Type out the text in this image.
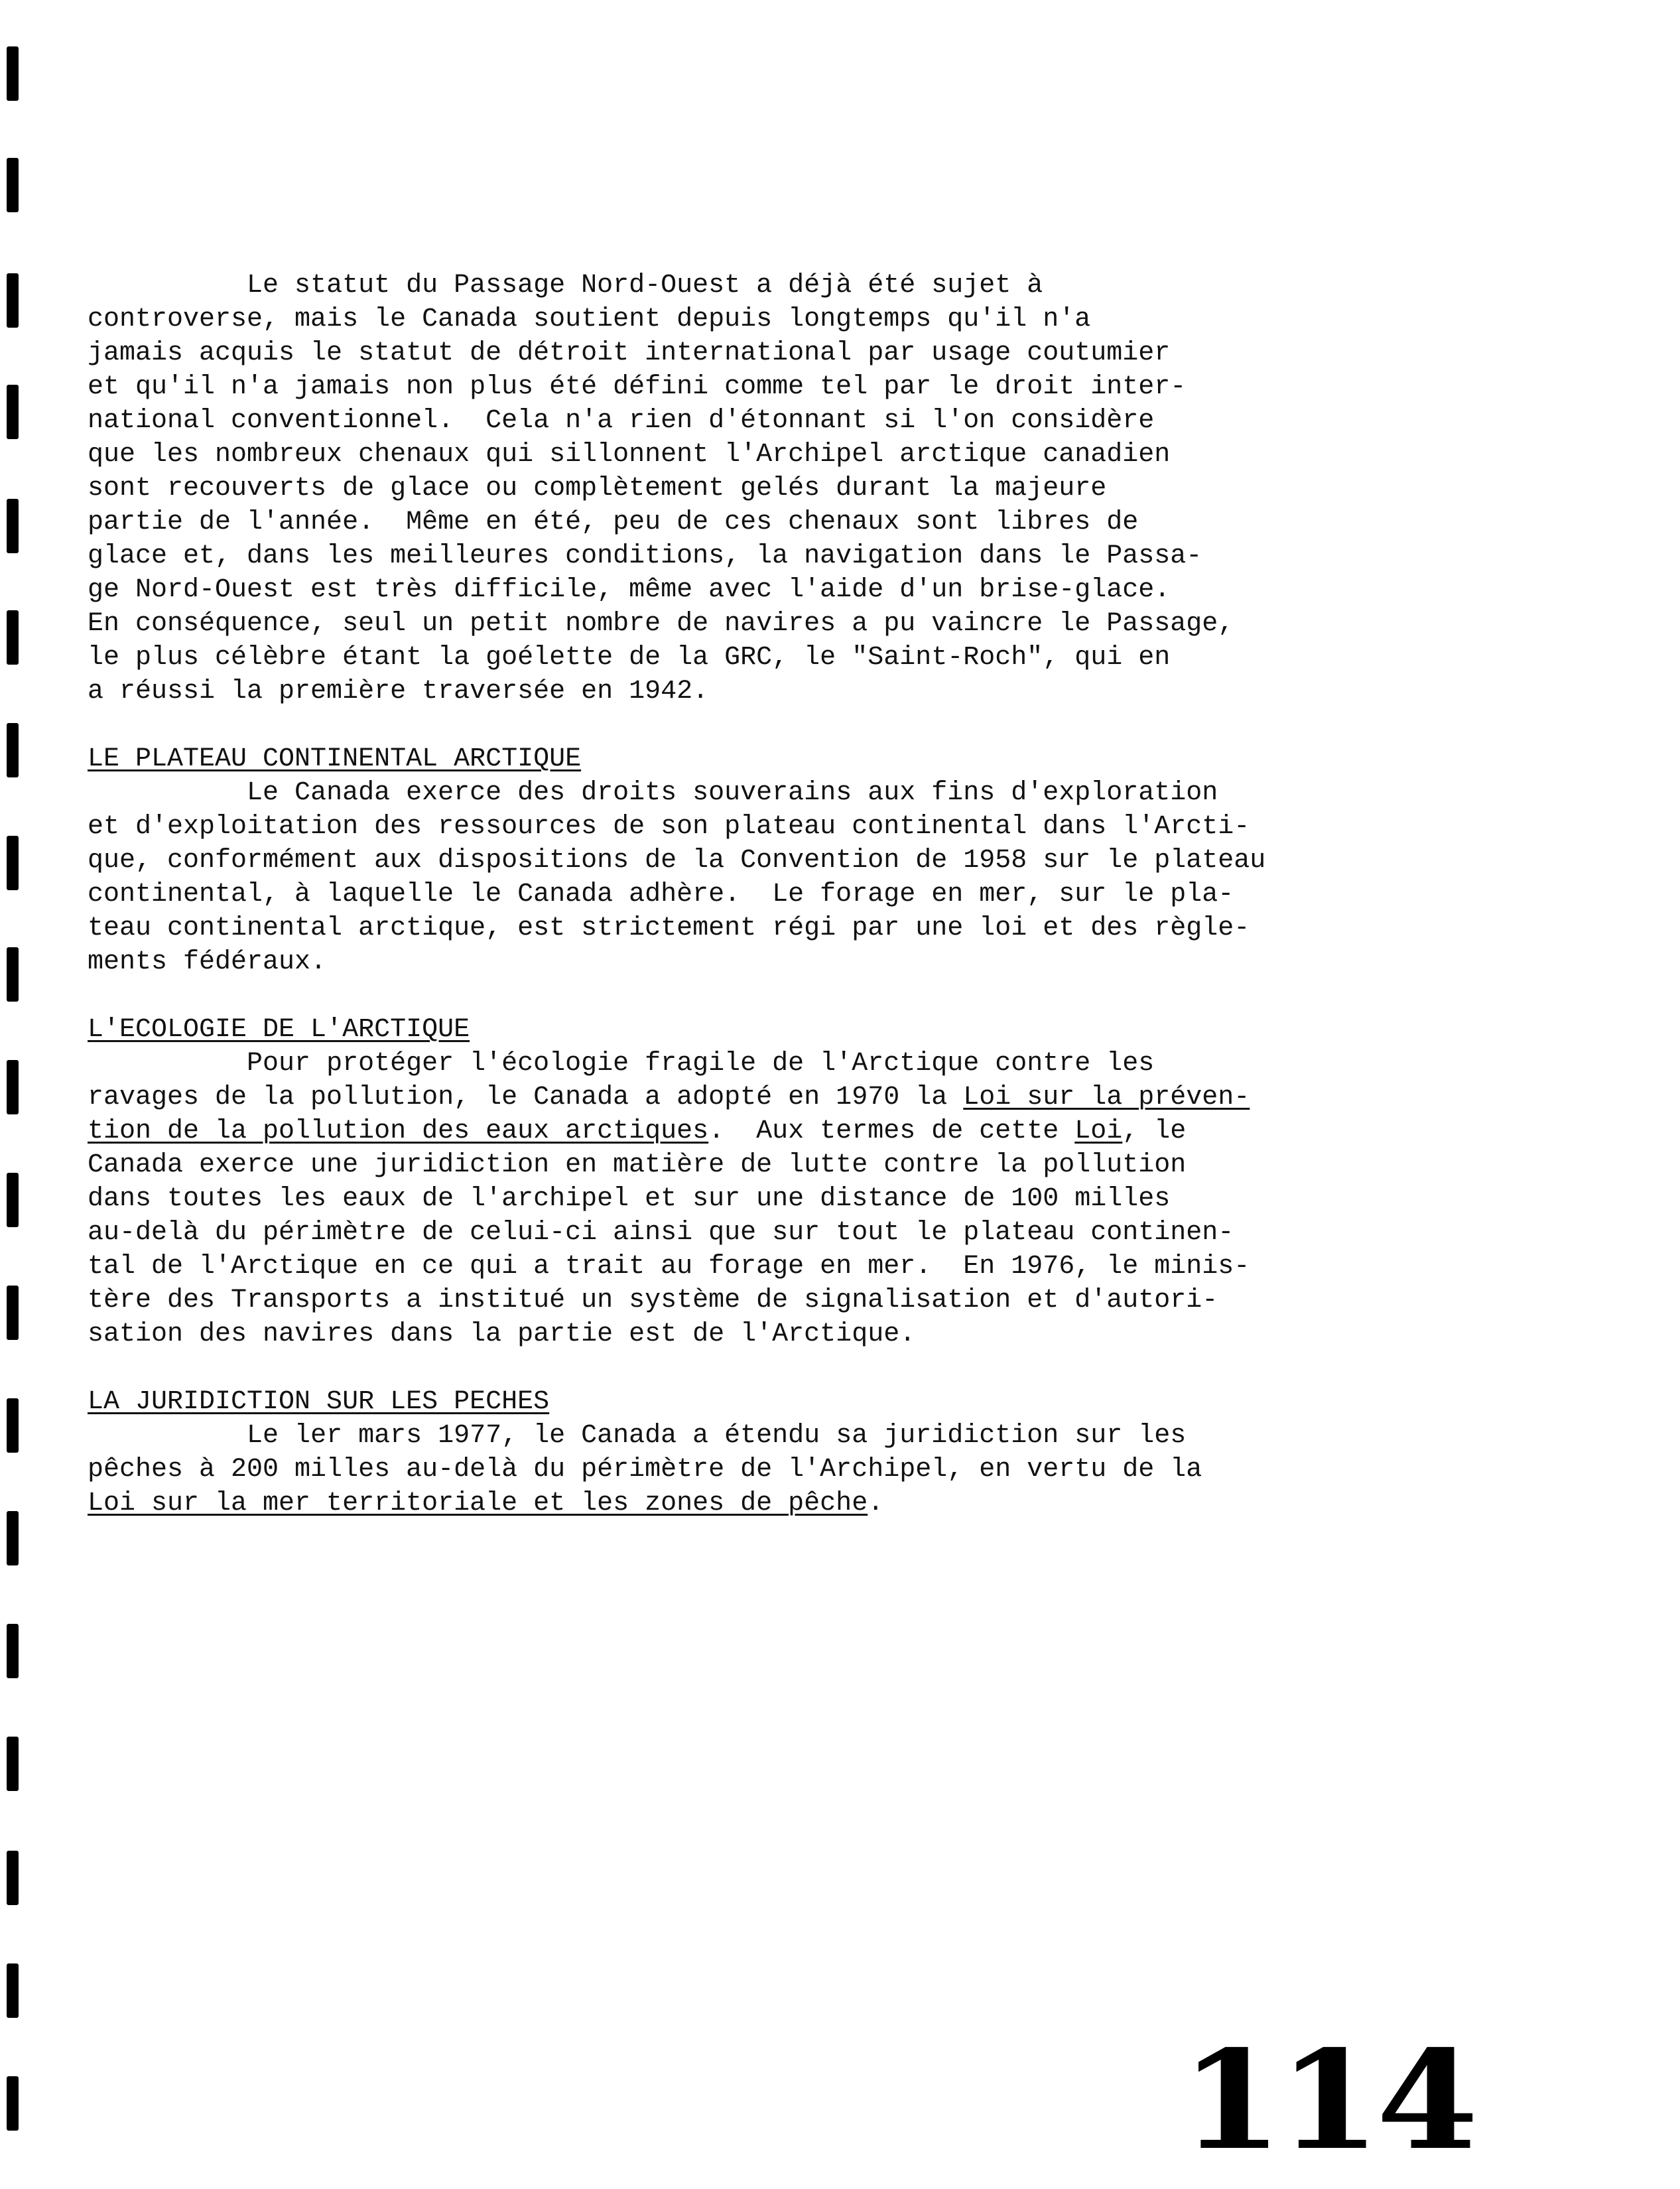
Le statut du Passage Nord-Ouest a déjà été sujet à
controverse, mais le Canada soutient depuis longtemps qu'il n'a
jamais acquis le statut de détroit international par usage coutumier
et qu'il n'a jamais non plus été défini comme tel par le droit inter-
national conventionnel.  Cela n'a rien d'étonnant si l'on considère
que les nombreux chenaux qui sillonnent l'Archipel arctique canadien
sont recouverts de glace ou complètement gelés durant la majeure
partie de l'année.  Même en été, peu de ces chenaux sont libres de
glace et, dans les meilleures conditions, la navigation dans le Passa-
ge Nord-Ouest est très difficile, même avec l'aide d'un brise-glace.
En conséquence, seul un petit nombre de navires a pu vaincre le Passage,
le plus célèbre étant la goélette de la GRC, le "Saint-Roch", qui en
a réussi la première traversée en 1942.
LE PLATEAU CONTINENTAL ARCTIQUE
Le Canada exerce des droits souverains aux fins d'exploration
et d'exploitation des ressources de son plateau continental dans l'Arcti-
que, conformément aux dispositions de la Convention de 1958 sur le plateau
continental, à laquelle le Canada adhère.  Le forage en mer, sur le pla-
teau continental arctique, est strictement régi par une loi et des règle-
ments fédéraux.
L'ECOLOGIE DE L'ARCTIQUE
Pour protéger l'écologie fragile de l'Arctique contre les
ravages de la pollution, le Canada a adopté en 1970 la Loi sur la préven-
tion de la pollution des eaux arctiques.  Aux termes de cette Loi, le
Canada exerce une juridiction en matière de lutte contre la pollution
dans toutes les eaux de l'archipel et sur une distance de 100 milles
au-delà du périmètre de celui-ci ainsi que sur tout le plateau continen-
tal de l'Arctique en ce qui a trait au forage en mer.  En 1976, le minis-
tère des Transports a institué un système de signalisation et d'autori-
sation des navires dans la partie est de l'Arctique.
LA JURIDICTION SUR LES PECHES
Le ler mars 1977, le Canada a étendu sa juridiction sur les
pêches à 200 milles au-delà du périmètre de l'Archipel, en vertu de la
Loi sur la mer territoriale et les zones de pêche.
114
